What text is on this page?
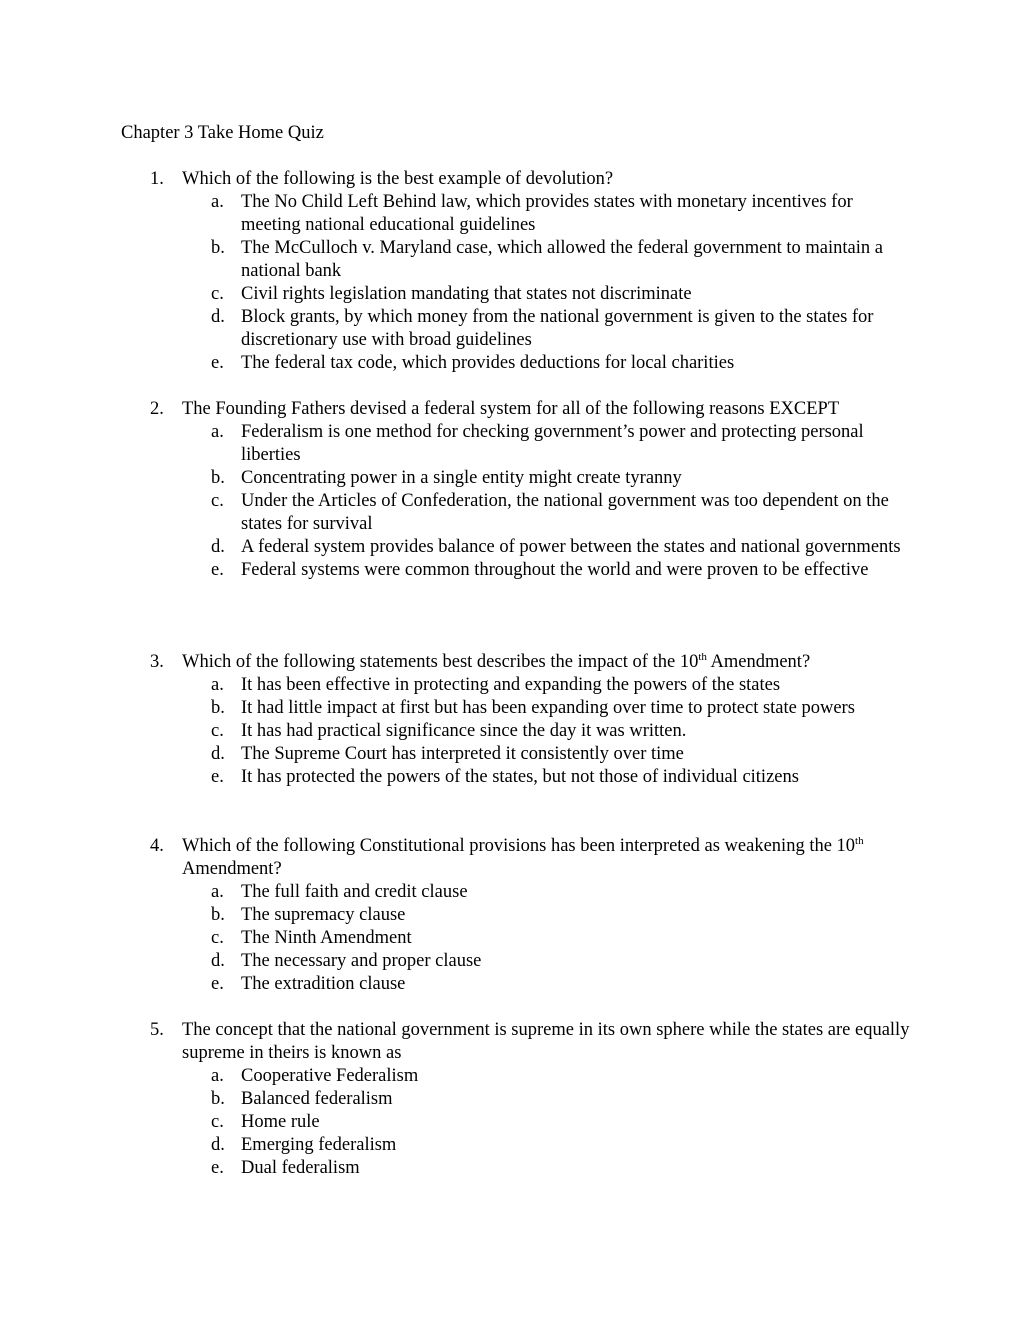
Chapter 3 Take Home Quiz
1. Which of the following is the best example of devolution?
a. The No Child Left Behind law, which provides states with monetary incentives for meeting national educational guidelines
b. The McCulloch v. Maryland case, which allowed the federal government to maintain a national bank
c. Civil rights legislation mandating that states not discriminate
d. Block grants, by which money from the national government is given to the states for discretionary use with broad guidelines
e. The federal tax code, which provides deductions for local charities
2. The Founding Fathers devised a federal system for all of the following reasons EXCEPT
a. Federalism is one method for checking government’s power and protecting personal liberties
b. Concentrating power in a single entity might create tyranny
c. Under the Articles of Confederation, the national government was too dependent on the states for survival
d. A federal system provides balance of power between the states and national governments
e. Federal systems were common throughout the world and were proven to be effective
3. Which of the following statements best describes the impact of the 10th Amendment?
a. It has been effective in protecting and expanding the powers of the states
b. It had little impact at first but has been expanding over time to protect state powers
c. It has had practical significance since the day it was written.
d. The Supreme Court has interpreted it consistently over time
e. It has protected the powers of the states, but not those of individual citizens
4. Which of the following Constitutional provisions has been interpreted as weakening the 10th Amendment?
a. The full faith and credit clause
b. The supremacy clause
c. The Ninth Amendment
d. The necessary and proper clause
e. The extradition clause
5. The concept that the national government is supreme in its own sphere while the states are equally supreme in theirs is known as
a. Cooperative Federalism
b. Balanced federalism
c. Home rule
d. Emerging federalism
e. Dual federalism
